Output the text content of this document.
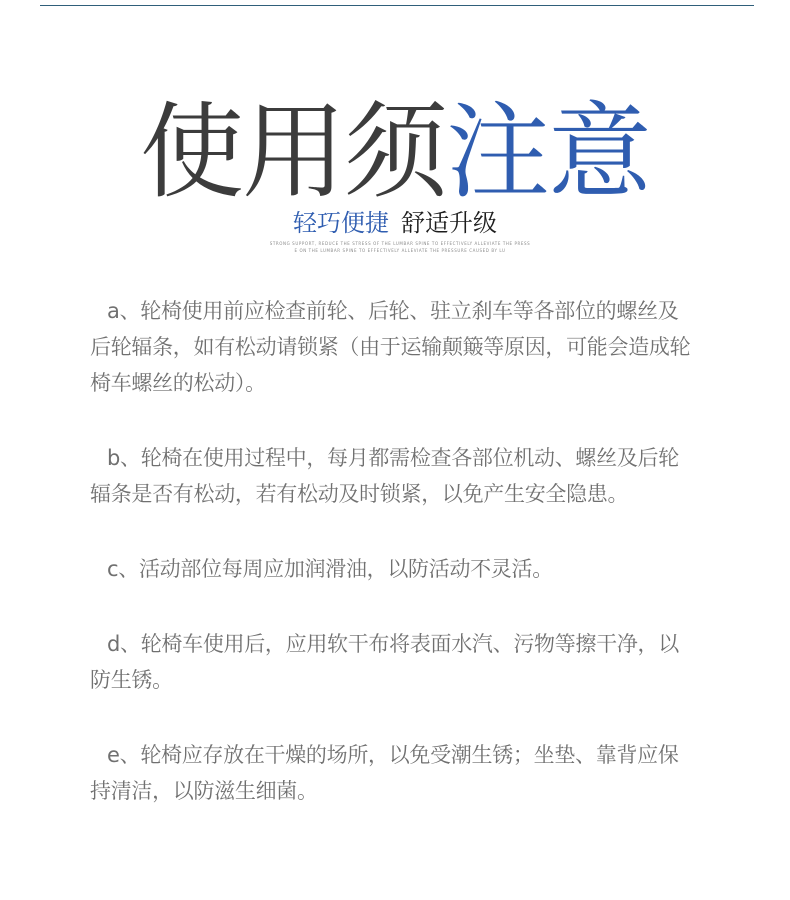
使用须注意
轻巧便捷 舒适升级
STRONG SUPPORT, REDUCE THE STRESS OF THE LUMBAR SPINE TO EFFECTIVELY ALLEVIATE THE PRESS
E ON THE LUMBAR SPINE TO EFFECTIVELY ALLEVIATE THE PRESSURE CAUSED BY LU

a、轮椅使用前应检查前轮、后轮、驻立刹车等各部位的螺丝及后轮辐条，如有松动请锁紧（由于运输颠簸等原因，可能会造成轮椅车螺丝的松动）。

b、轮椅在使用过程中，每月都需检查各部位机动、螺丝及后轮辐条是否有松动，若有松动及时锁紧，以免产生安全隐患。

c、活动部位每周应加润滑油，以防活动不灵活。

d、轮椅车使用后，应用软干布将表面水汽、污物等擦干净，以防生锈。

e、轮椅应存放在干燥的场所，以免受潮生锈；坐垫、靠背应保持清洁，以防滋生细菌。
